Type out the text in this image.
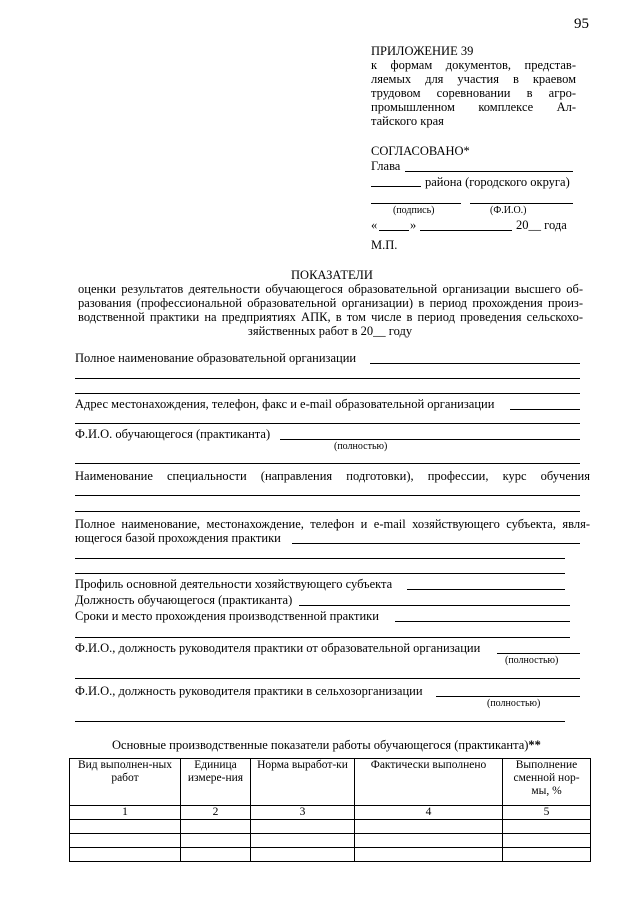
95
ПРИЛОЖЕНИЕ 39
к формам документов, представ-
ляемых для участия в краевом
трудовом соревновании в агро-
промышленном комплексе Ал-
тайского края
СОГЛАСОВАНО*
Глава
района (городского округа)
(подпись)	(Ф.И.О.)
«	»	20__ года
М.П.
ПОКАЗАТЕЛИ
оценки результатов деятельности обучающегося образовательной организации высшего об-
разования (профессиональной образовательной организации) в период прохождения произ-
водственной практики на предприятиях АПК, в том числе в период проведения сельскохо-
зяйственных работ в 20__ году
Полное наименование образовательной организации
Адрес местонахождения, телефон, факс и e-mail образовательной организации
Ф.И.О. обучающегося (практиканта)
(полностью)
Наименование специальности (направления подготовки), профессии, курс обучения
Полное наименование, местонахождение, телефон и e-mail хозяйствующего субъекта, явля-
ющегося базой прохождения практики
Профиль основной деятельности хозяйствующего субъекта
Должность обучающегося (практиканта)
Сроки и место прохождения производственной практики
Ф.И.О., должность руководителя практики от образовательной организации
(полностью)
Ф.И.О., должность руководителя практики в сельхозорганизации
(полностью)
Основные производственные показатели работы обучающегося (практиканта)**
Вид выполнен-ных работ	Единица измере-ния	Норма выработ-ки	Фактически выполнено	Выполнение сменной нор-мы, %
1	2	3	4	5
